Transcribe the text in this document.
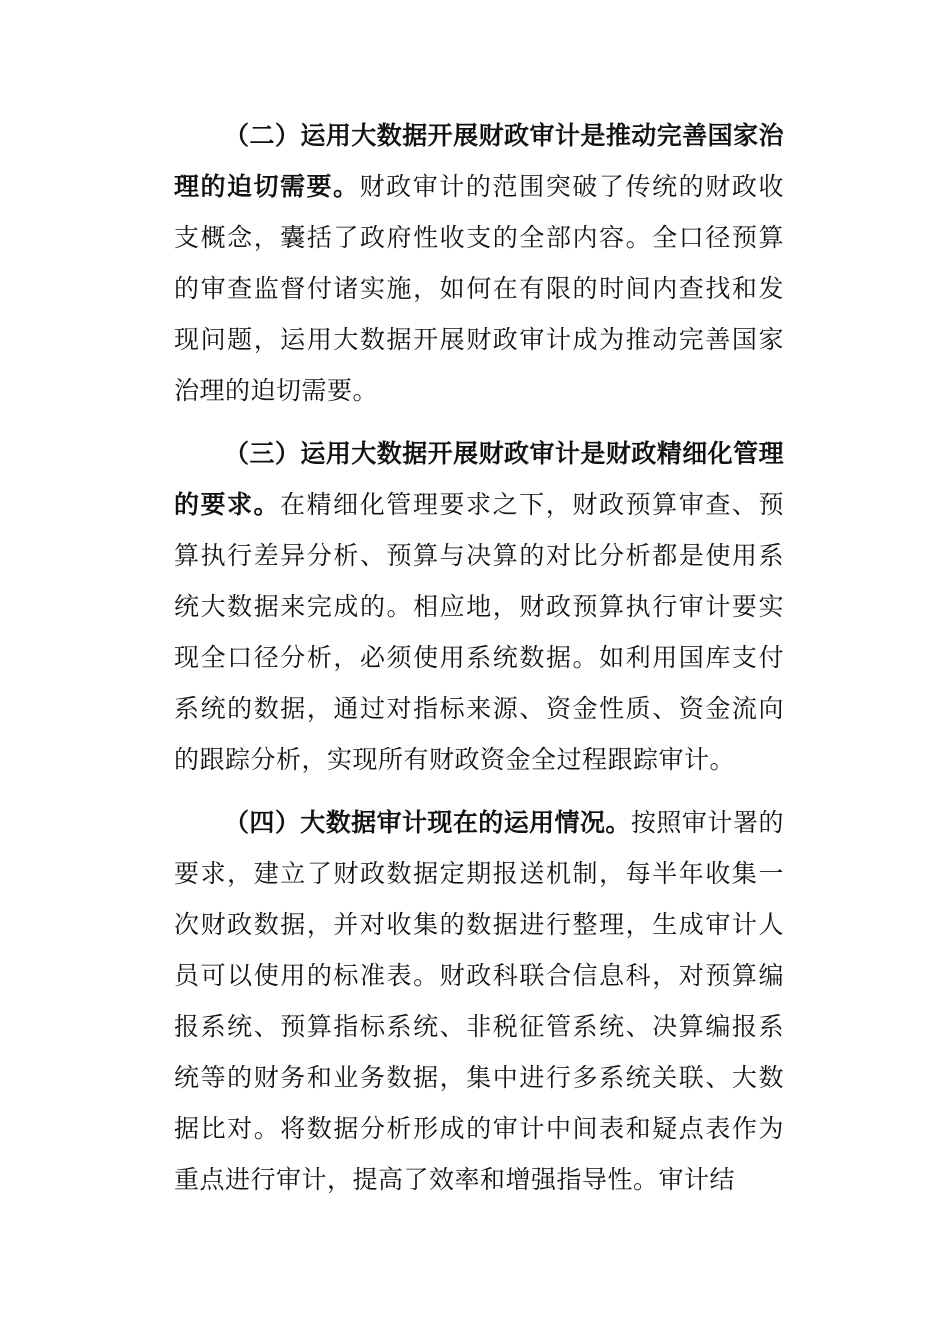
（二）运用大数据开展财政审计是推动完善国家治理的迫切需要。财政审计的范围突破了传统的财政收支概念，囊括了政府性收支的全部内容。全口径预算的审查监督付诸实施，如何在有限的时间内查找和发现问题，运用大数据开展财政审计成为推动完善国家治理的迫切需要。

（三）运用大数据开展财政审计是财政精细化管理的要求。在精细化管理要求之下，财政预算审查、预算执行差异分析、预算与决算的对比分析都是使用系统大数据来完成的。相应地，财政预算执行审计要实现全口径分析，必须使用系统数据。如利用国库支付系统的数据，通过对指标来源、资金性质、资金流向的跟踪分析，实现所有财政资金全过程跟踪审计。

（四）大数据审计现在的运用情况。按照审计署的要求，建立了财政数据定期报送机制，每半年收集一次财政数据，并对收集的数据进行整理，生成审计人员可以使用的标准表。财政科联合信息科，对预算编报系统、预算指标系统、非税征管系统、决算编报系统等的财务和业务数据，集中进行多系统关联、大数据比对。将数据分析形成的审计中间表和疑点表作为重点进行审计，提高了效率和增强指导性。审计结
